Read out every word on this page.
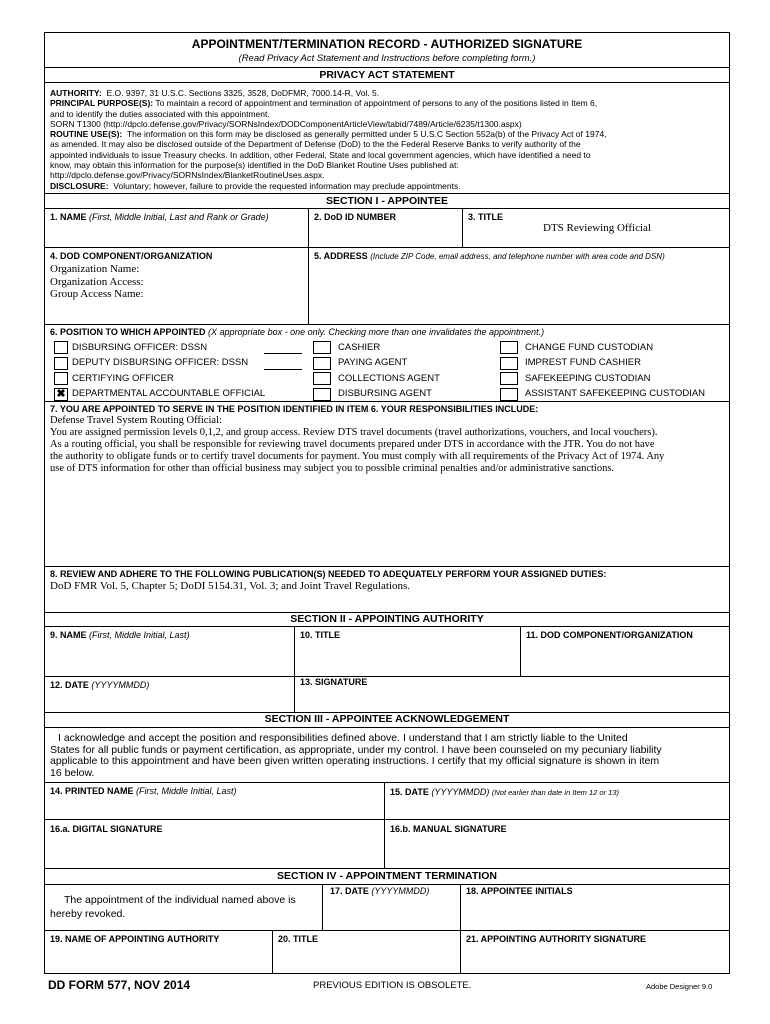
APPOINTMENT/TERMINATION RECORD - AUTHORIZED SIGNATURE
(Read Privacy Act Statement and Instructions before completing form.)
PRIVACY ACT STATEMENT
AUTHORITY: E.O. 9397, 31 U.S.C. Sections 3325, 3528, DoDFMR, 7000.14-R, Vol. 5.
PRINCIPAL PURPOSE(S): To maintain a record of appointment and termination of appointment of persons to any of the positions listed in Item 6,
and to identify the duties associated with this appointment.
SORN T1300 (http://dpclo.defense.gov/Privacy/SORNsIndex/DODComponentArticleView/tabid/7489/Article/6235/t1300.aspx)
ROUTINE USE(S): The information on this form may be disclosed as generally permitted under 5 U.S.C Section 552a(b) of the Privacy Act of 1974,
as amended. It may also be disclosed outside of the Department of Defense (DoD) to the the Federal Reserve Banks to verify authority of the
appointed individuals to issue Treasury checks. In addition, other Federal, State and local government agencies, which have identified a need to
know, may obtain this information for the purpose(s) identified in the DoD Blanket Routine Uses published at:
http://dpclo.defense.gov/Privacy/SORNsIndex/BlanketRoutineUses.aspx.
DISCLOSURE: Voluntary; however, failure to provide the requested information may preclude appointments.
SECTION I - APPOINTEE
1. NAME (First, Middle Initial, Last and Rank or Grade)	2. DoD ID NUMBER	3. TITLE
DTS Reviewing Official
4. DOD COMPONENT/ORGANIZATION
Organization Name:
Organization Access:
Group Access Name:
5. ADDRESS (Include ZIP Code, email address, and telephone number with area code and DSN)
6. POSITION TO WHICH APPOINTED (X appropriate box - one only. Checking more than one invalidates the appointment.)
DISBURSING OFFICER: DSSN
DEPUTY DISBURSING OFFICER: DSSN
CERTIFYING OFFICER
✖ DEPARTMENTAL ACCOUNTABLE OFFICIAL
CASHIER
PAYING AGENT
COLLECTIONS AGENT
DISBURSING AGENT
CHANGE FUND CUSTODIAN
IMPREST FUND CASHIER
SAFEKEEPING CUSTODIAN
ASSISTANT SAFEKEEPING CUSTODIAN
7. YOU ARE APPOINTED TO SERVE IN THE POSITION IDENTIFIED IN ITEM 6. YOUR RESPONSIBILITIES INCLUDE:
Defense Travel System Routing Official:
You are assigned permission levels 0,1,2, and group access. Review DTS travel documents (travel authorizations, vouchers, and local vouchers).
As a routing official, you shall be responsible for reviewing travel documents prepared under DTS in accordance with the JTR. You do not have
the authority to obligate funds or to certify travel documents for payment. You must comply with all requirements of the Privacy Act of 1974. Any
use of DTS information for other than official business may subject you to possible criminal penalties and/or administrative sanctions.
8. REVIEW AND ADHERE TO THE FOLLOWING PUBLICATION(S) NEEDED TO ADEQUATELY PERFORM YOUR ASSIGNED DUTIES:
DoD FMR Vol. 5, Chapter 5; DoDI 5154.31, Vol. 3; and Joint Travel Regulations.
SECTION II - APPOINTING AUTHORITY
9. NAME (First, Middle Initial, Last)	10. TITLE	11. DOD COMPONENT/ORGANIZATION
12. DATE (YYYYMMDD)	13. SIGNATURE
SECTION III - APPOINTEE ACKNOWLEDGEMENT
I acknowledge and accept the position and responsibilities defined above. I understand that I am strictly liable to the United
States for all public funds or payment certification, as appropriate, under my control. I have been counseled on my pecuniary liability
applicable to this appointment and have been given written operating instructions. I certify that my official signature is shown in item
16 below.
14. PRINTED NAME (First, Middle Initial, Last)	15. DATE (YYYYMMDD) (Not earlier than date in Item 12 or 13)
16.a. DIGITAL SIGNATURE	16.b. MANUAL SIGNATURE
SECTION IV - APPOINTMENT TERMINATION
The appointment of the individual named above is
hereby revoked.
17. DATE (YYYYMMDD)	18. APPOINTEE INITIALS
19. NAME OF APPOINTING AUTHORITY	20. TITLE	21. APPOINTING AUTHORITY SIGNATURE
DD FORM 577, NOV 2014	PREVIOUS EDITION IS OBSOLETE.	Adobe Designer 9.0
